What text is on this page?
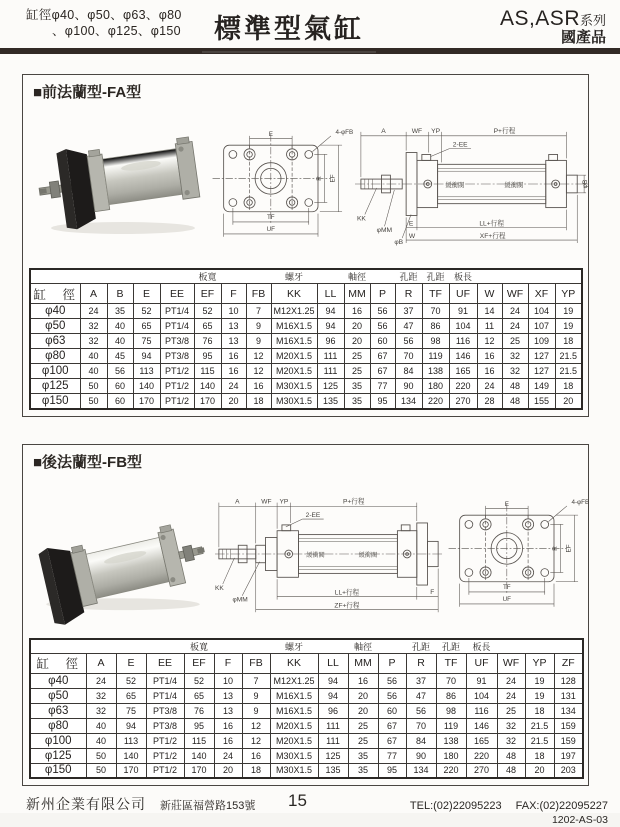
缸徑φ40、φ50、φ63、φ80
、φ100、φ125、φ150	標準型氣缸	AS,ASR系列
國產品
■前法蘭型-FA型
E	4-φFB
R EF
TF
UF
A	WF YP	P+行程
2-EE
KK
φMM
φB
E
W
緩衝閥	緩衝閥
LL+行程
XF+行程
φB
					板寬			螺牙		軸徑		孔距	孔距	板長				
缸　徑	A	B	E	EE	EF	F	FB	KK	LL	MM	P	R	TF	UF	W	WF	XF	YP
φ40	24	35	52	PT1/4	52	10	7	M12X1.25	94	16	56	37	70	91	14	24	104	19
φ50	32	40	65	PT1/4	65	13	9	M16X1.5	94	20	56	47	86	104	11	24	107	19
φ63	32	40	75	PT3/8	76	13	9	M16X1.5	96	20	60	56	98	116	12	25	109	18
φ80	40	45	94	PT3/8	95	16	12	M20X1.5	111	25	67	70	119	146	16	32	127	21.5
φ100	40	56	113	PT1/2	115	16	12	M20X1.5	111	25	67	84	138	165	16	32	127	21.5
φ125	50	60	140	PT1/2	140	24	16	M30X1.5	125	35	77	90	180	220	24	48	149	18
φ150	50	60	170	PT1/2	170	20	18	M30X1.5	135	35	95	134	220	270	28	48	155	20
■後法蘭型-FB型
A	WF YP	P+行程
2-EE
KK
φMM
緩衝閥	緩衝閥
LL+行程	F
ZF+行程
E	4-φFB
R EF
TF
UF
				板寬			螺牙		軸徑		孔距	孔距	板長			
缸　徑	A	E	EE	EF	F	FB	KK	LL	MM	P	R	TF	UF	WF	YP	ZF
φ40	24	52	PT1/4	52	10	7	M12X1.25	94	16	56	37	70	91	24	19	128
φ50	32	65	PT1/4	65	13	9	M16X1.5	94	20	56	47	86	104	24	19	131
φ63	32	75	PT3/8	76	13	9	M16X1.5	96	20	60	56	98	116	25	18	134
φ80	40	94	PT3/8	95	16	12	M20X1.5	111	25	67	70	119	146	32	21.5	159
φ100	40	113	PT1/2	115	16	12	M20X1.5	111	25	67	84	138	165	32	21.5	159
φ125	50	140	PT1/2	140	24	16	M30X1.5	125	35	77	90	180	220	48	18	197
φ150	50	170	PT1/2	170	20	18	M30X1.5	135	35	95	134	220	270	48	20	203
新州企業有限公司 新莊區福營路153號 15	TEL:(02)22095223 FAX:(02)22095227
1202-AS-03
